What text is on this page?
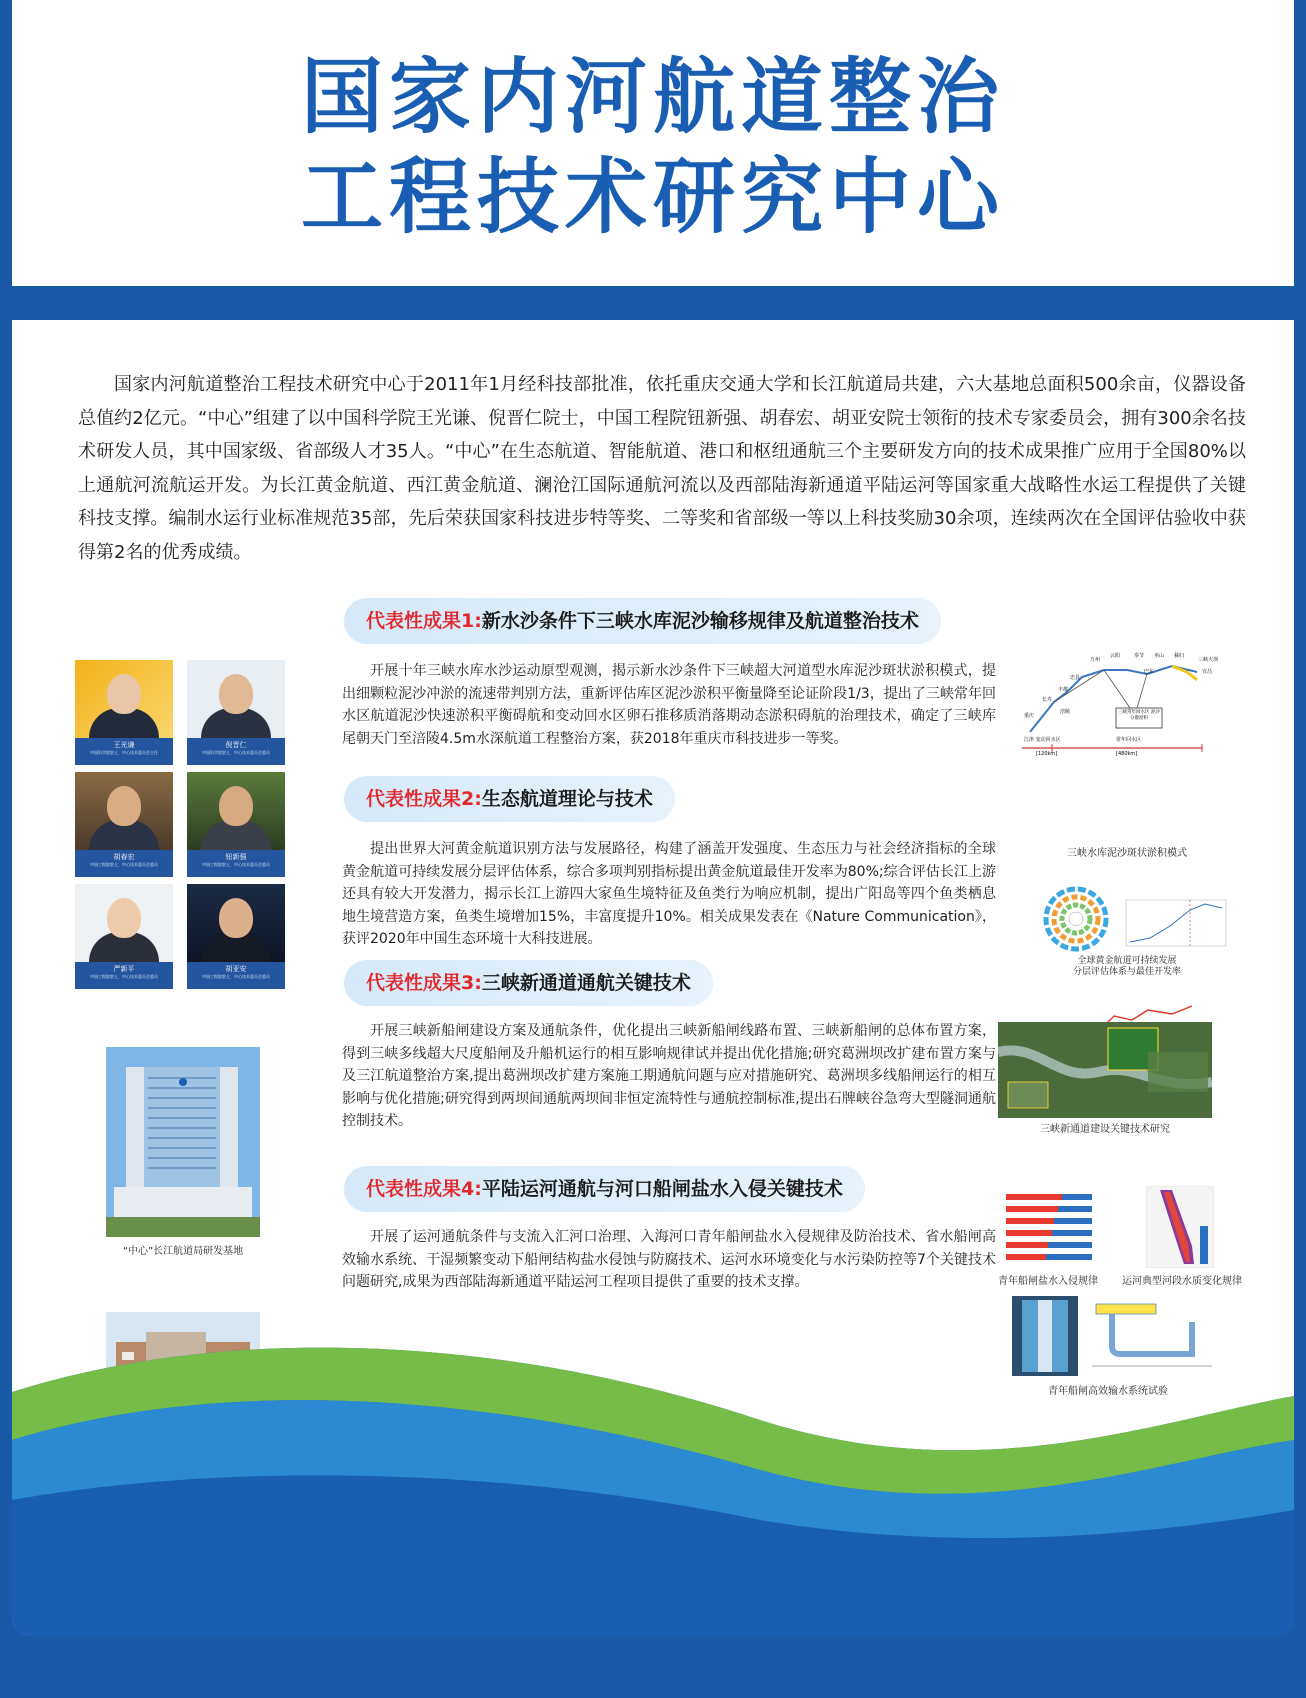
国家内河航道整治
工程技术研究中心

国家内河航道整治工程技术研究中心于2011年1月经科技部批准，依托重庆交通大学和长江航道局共建，六大基地总面积500余亩，仪器设备总值约2亿元。“中心”组建了以中国科学院王光谦、倪晋仁院士，中国工程院钮新强、胡春宏、胡亚安院士领衔的技术专家委员会，拥有300余名技术研发人员，其中国家级、省部级人才35人。“中心”在生态航道、智能航道、港口和枢纽通航三个主要研发方向的技术成果推广应用于全国80%以上通航河流航运开发。为长江黄金航道、西江黄金航道、澜沧江国际通航河流以及西部陆海新通道平陆运河等国家重大战略性水运工程提供了关键科技支撑。编制水运行业标准规范35部，先后荣获国家科技进步特等奖、二等奖和省部级一等以上科技奖励30余项，连续两次在全国评估验收中获得第2名的优秀成绩。

王光谦
中国科学院院士，中心技术委员会主任
倪晋仁
中国科学院院士，中心技术委员会委员
胡春宏
中国工程院院士，中心技术委员会委员
钮新强
中国工程院院士，中心技术委员会委员
严新平
中国工程院院士，中心技术委员会委员
胡亚安
中国工程院院士，中心技术委员会委员
“中心”长江航道局研发基地
代表性成果1:新水沙条件下三峡水库泥沙输移规律及航道整治技术

开展十年三峡水库水沙运动原型观测，揭示新水沙条件下三峡超大河道型水库泥沙斑状淤积模式，提出细颗粒泥沙冲淤的流速带判别方法，重新评估库区泥沙淤积平衡量降至论证阶段1/3，提出了三峡常年回水区航道泥沙快速淤积平衡碍航和变动回水区卵石推移质消落期动态淤积碍航的治理技术，确定了三峡库尾朝天门至涪陵4.5m水深航道工程整治方案，获2018年重庆市科技进步一等奖。

代表性成果2:生态航道理论与技术

提出世界大河黄金航道识别方法与发展路径，构建了涵盖开发强度、生态压力与社会经济指标的全球黄金航道可持续发展分层评估体系，综合多项判别指标提出黄金航道最佳开发率为80%;综合评估长江上游还具有较大开发潜力，揭示长江上游四大家鱼生境特征及鱼类行为响应机制，提出广阳岛等四个鱼类栖息地生境营造方案，鱼类生境增加15%，丰富度提升10%。相关成果发表在《Nature Communication》，获评2020年中国生态环境十大科技进展。

代表性成果3:三峡新通道通航关键技术

开展三峡新船闸建设方案及通航条件，优化提出三峡新船闸线路布置、三峡新船闸的总体布置方案，得到三峡多线超大尺度船闸及升船机运行的相互影响规律试并提出优化措施;研究葛洲坝改扩建布置方案与及三江航道整治方案,提出葛洲坝改扩建方案施工期通航问题与应对措施研究、葛洲坝多线船闸运行的相互影响与优化措施;研究得到两坝间通航两坝间非恒定流特性与通航控制标准,提出石牌峡谷急弯大型隧洞通航控制技术。

代表性成果4:平陆运河通航与河口船闸盐水入侵关键技术

开展了运河通航条件与支流入汇河口治理、入海河口青年船闸盐水入侵规律及防治技术、省水船闸高效输水系统、干湿频繁变动下船闸结构盐水侵蚀与防腐技术、运河水环境变化与水污染防控等7个关键技术问题研究,成果为西部陆海新通道平陆运河工程项目提供了重要的技术支撑。

万州
云阳	奉节 巫山
巴东
秭归
三峡大坝
宜昌
忠县
丰都
长寿
涪陵
重庆
三峡常年回水区 泥沙分散淤积
江津 变动回水区
[120km]
常年回水区
[480km]
三峡水库泥沙斑状淤积模式
全球黄金航道可持续发展
分层评估体系与最佳开发率
三峡新通道建设关键技术研究
青年船闸盐水入侵规律	运河典型河段水质变化规律
青年船闸高效输水系统试验
